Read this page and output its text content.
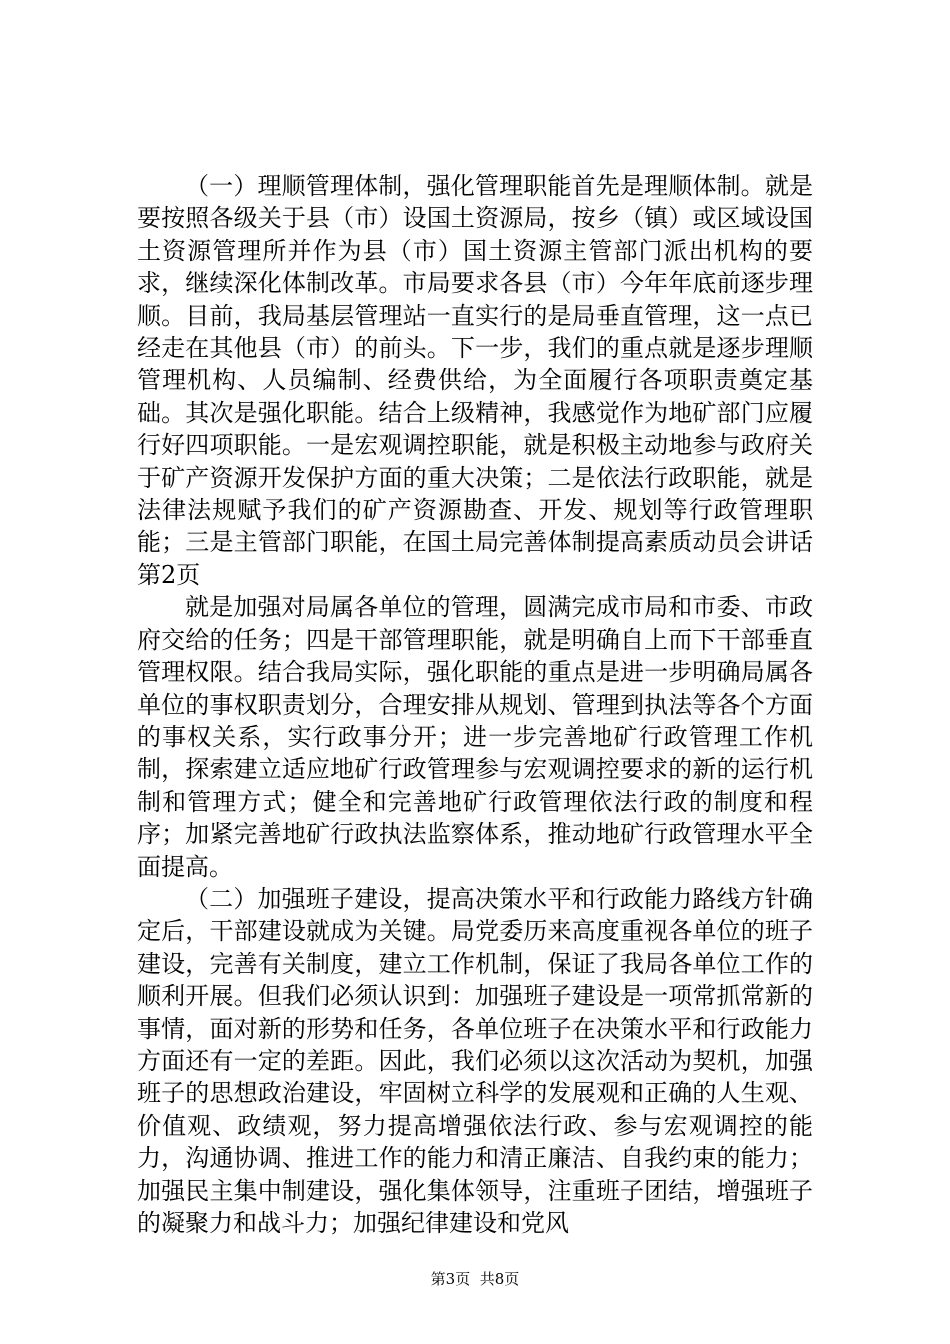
（一）理顺管理体制，强化管理职能首先是理顺体制。就是要按照各级关于县（市）设国土资源局，按乡（镇）或区域设国土资源管理所并作为县（市）国土资源主管部门派出机构的要求，继续深化体制改革。市局要求各县（市）今年年底前逐步理顺。目前，我局基层管理站一直实行的是局垂直管理，这一点已经走在其他县（市）的前头。下一步，我们的重点就是逐步理顺管理机构、人员编制、经费供给，为全面履行各项职责奠定基础。其次是强化职能。结合上级精神，我感觉作为地矿部门应履行好四项职能。一是宏观调控职能，就是积极主动地参与政府关于矿产资源开发保护方面的重大决策；二是依法行政职能，就是法律法规赋予我们的矿产资源勘查、开发、规划等行政管理职能；三是主管部门职能，在国土局完善体制提高素质动员会讲话第2页

就是加强对局属各单位的管理，圆满完成市局和市委、市政府交给的任务；四是干部管理职能，就是明确自上而下干部垂直管理权限。结合我局实际，强化职能的重点是进一步明确局属各单位的事权职责划分，合理安排从规划、管理到执法等各个方面的事权关系，实行政事分开；进一步完善地矿行政管理工作机制，探索建立适应地矿行政管理参与宏观调控要求的新的运行机制和管理方式；健全和完善地矿行政管理依法行政的制度和程序；加紧完善地矿行政执法监察体系，推动地矿行政管理水平全面提高。

（二）加强班子建设，提高决策水平和行政能力路线方针确定后，干部建设就成为关键。局党委历来高度重视各单位的班子建设，完善有关制度，建立工作机制，保证了我局各单位工作的顺利开展。但我们必须认识到：加强班子建设是一项常抓常新的事情，面对新的形势和任务，各单位班子在决策水平和行政能力方面还有一定的差距。因此，我们必须以这次活动为契机，加强班子的思想政治建设，牢固树立科学的发展观和正确的人生观、价值观、政绩观，努力提高增强依法行政、参与宏观调控的能力，沟通协调、推进工作的能力和清正廉洁、自我约束的能力；加强民主集中制建设，强化集体领导，注重班子团结，增强班子的凝聚力和战斗力；加强纪律建设和党风

第3页 共8页
